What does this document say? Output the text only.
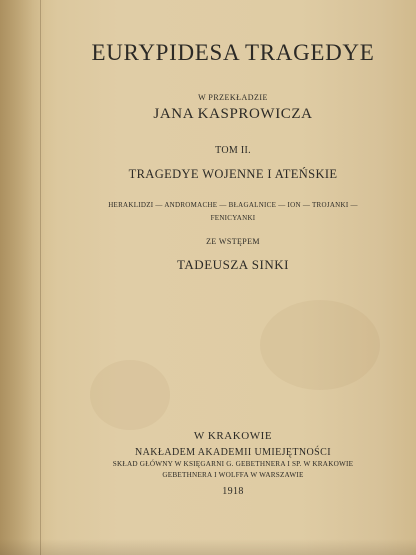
EURYPIDESA TRAGEDYE
W PRZEKŁADZIE
JANA KASPROWICZA
TOM II.
TRAGEDYE WOJENNE I ATEŃSKIE
HERAKLIDZI — ANDROMACHE — BŁAGALNICE — ION — TROJANKI —
FENICYANKI
ZE WSTĘPEM
TADEUSZA SINKI
W KRAKOWIE
NAKŁADEM AKADEMII UMIEJĘTNOŚCI
SKŁAD GŁÓWNY W KSIĘGARNI G. GEBETHNERA I SP. W KRAKOWIE
GEBETHNERA I WOLFFA W WARSZAWIE
1918
